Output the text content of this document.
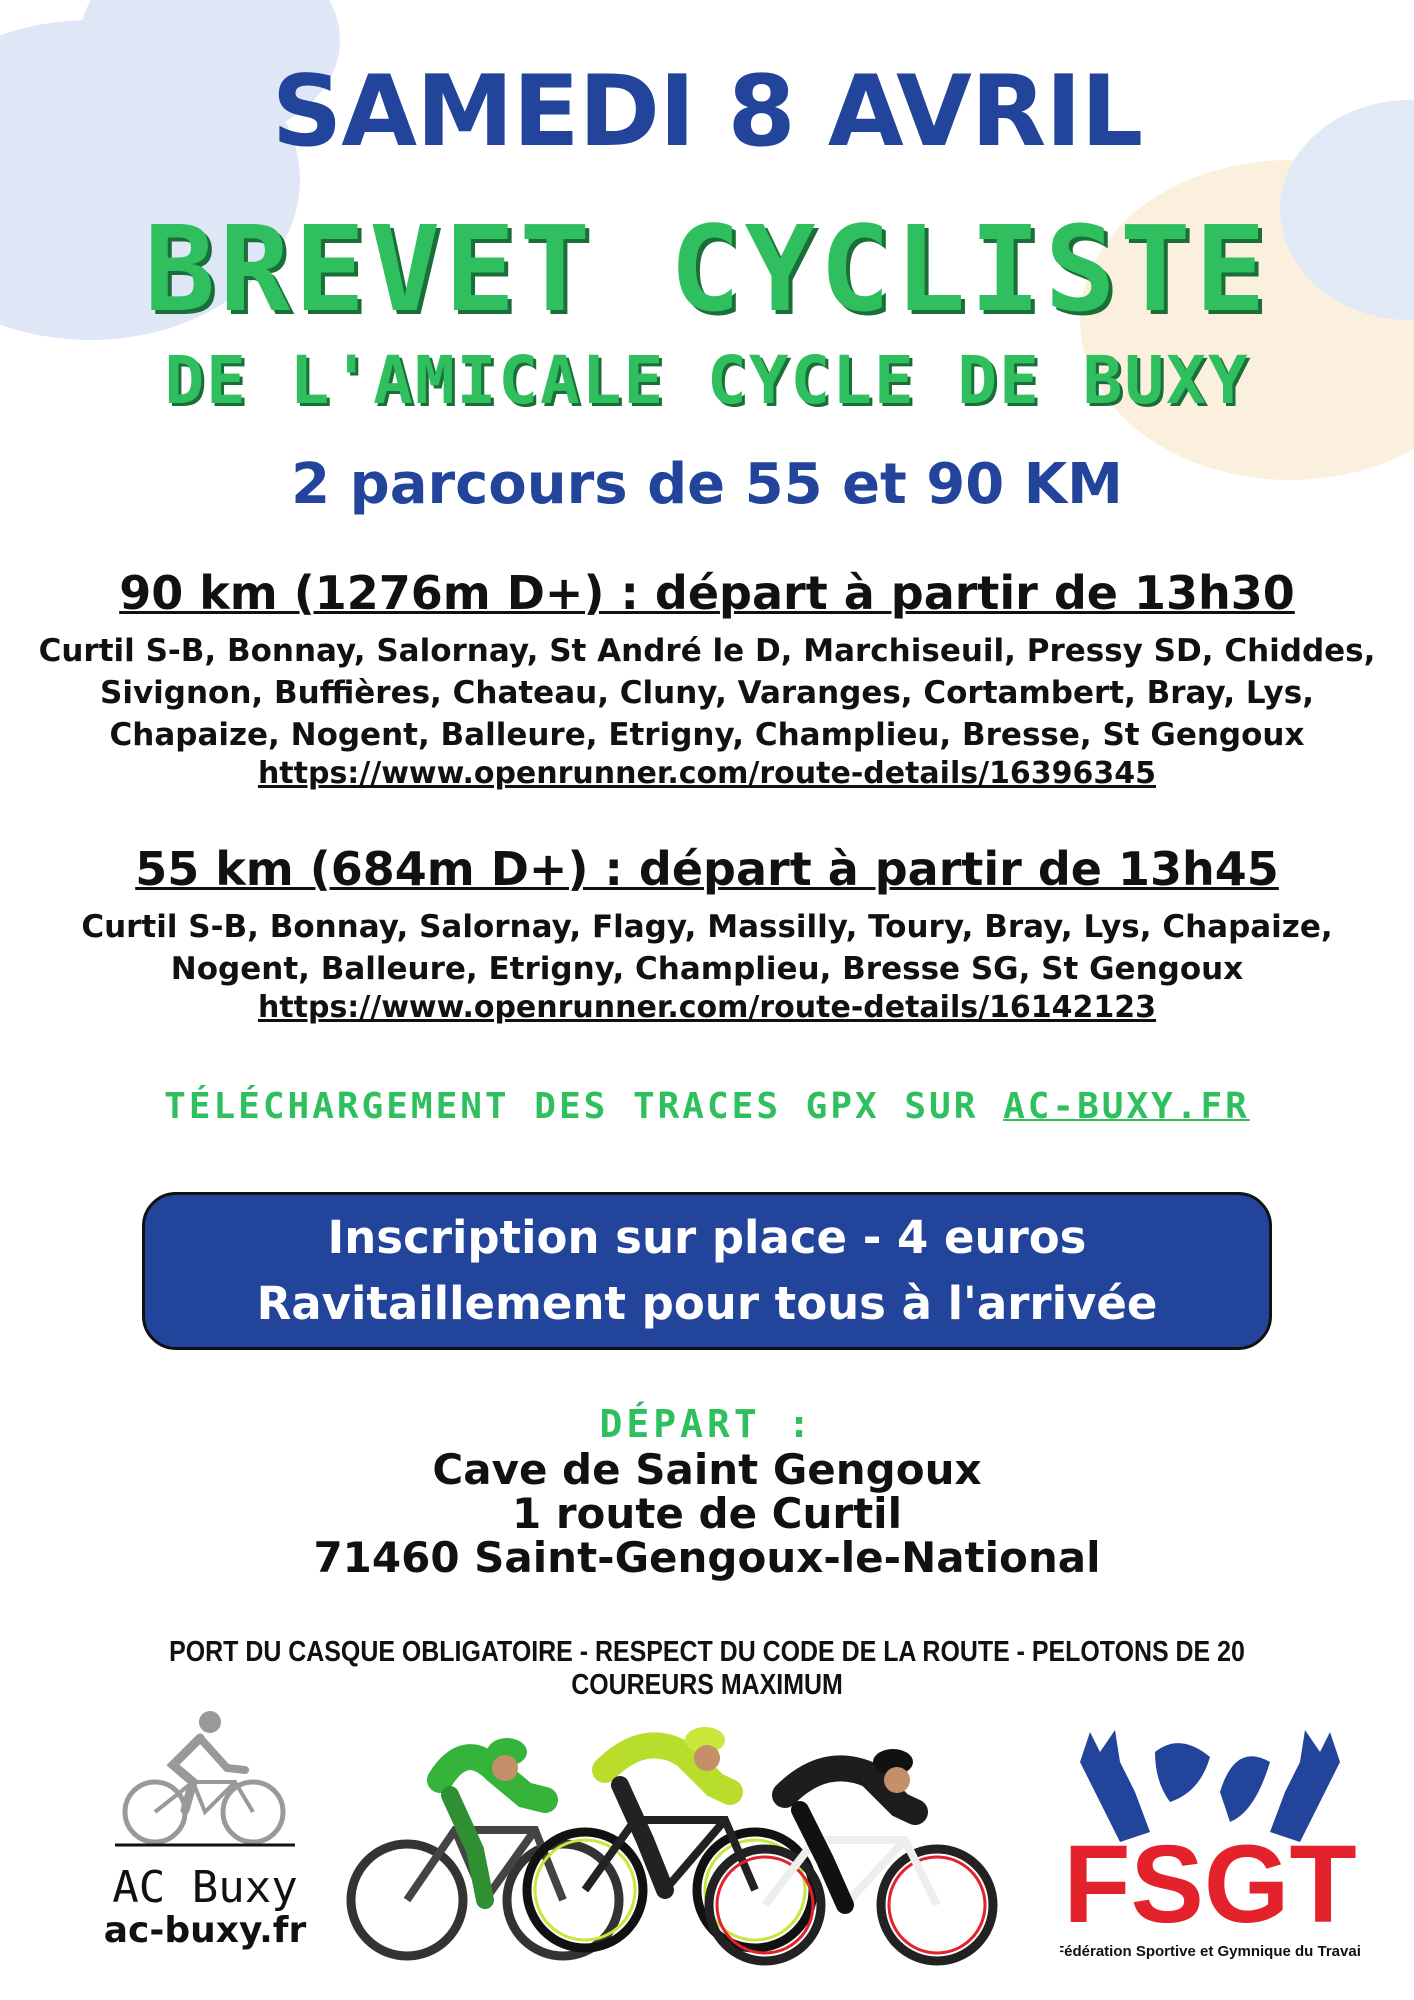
SAMEDI 8 AVRIL
BREVET CYCLISTE
DE L'AMICALE CYCLE DE BUXY
2 parcours de 55 et 90 KM
90 km (1276m D+) : départ à partir de 13h30
Curtil S-B, Bonnay, Salornay, St André le D, Marchiseuil, Pressy SD, Chiddes,
Sivignon, Buffières, Chateau, Cluny, Varanges, Cortambert, Bray, Lys,
Chapaize, Nogent, Balleure, Etrigny, Champlieu, Bresse, St Gengoux
https://www.openrunner.com/route-details/16396345
55 km (684m D+) : départ à partir de 13h45
Curtil S-B, Bonnay, Salornay, Flagy, Massilly, Toury, Bray, Lys, Chapaize,
Nogent, Balleure, Etrigny, Champlieu, Bresse SG, St Gengoux
https://www.openrunner.com/route-details/16142123
TÉLÉCHARGEMENT DES TRACES GPX SUR AC-BUXY.FR
Inscription sur place - 4 euros
Ravitaillement pour tous à l'arrivée
DÉPART :
Cave de Saint Gengoux
1 route de Curtil
71460 Saint-Gengoux-le-National
PORT DU CASQUE OBLIGATOIRE - RESPECT DU CODE DE LA ROUTE - PELOTONS DE 20 COUREURS MAXIMUM
AC Buxy
ac-buxy.fr	FSGT
Fédération Sportive et Gymnique du Travail
